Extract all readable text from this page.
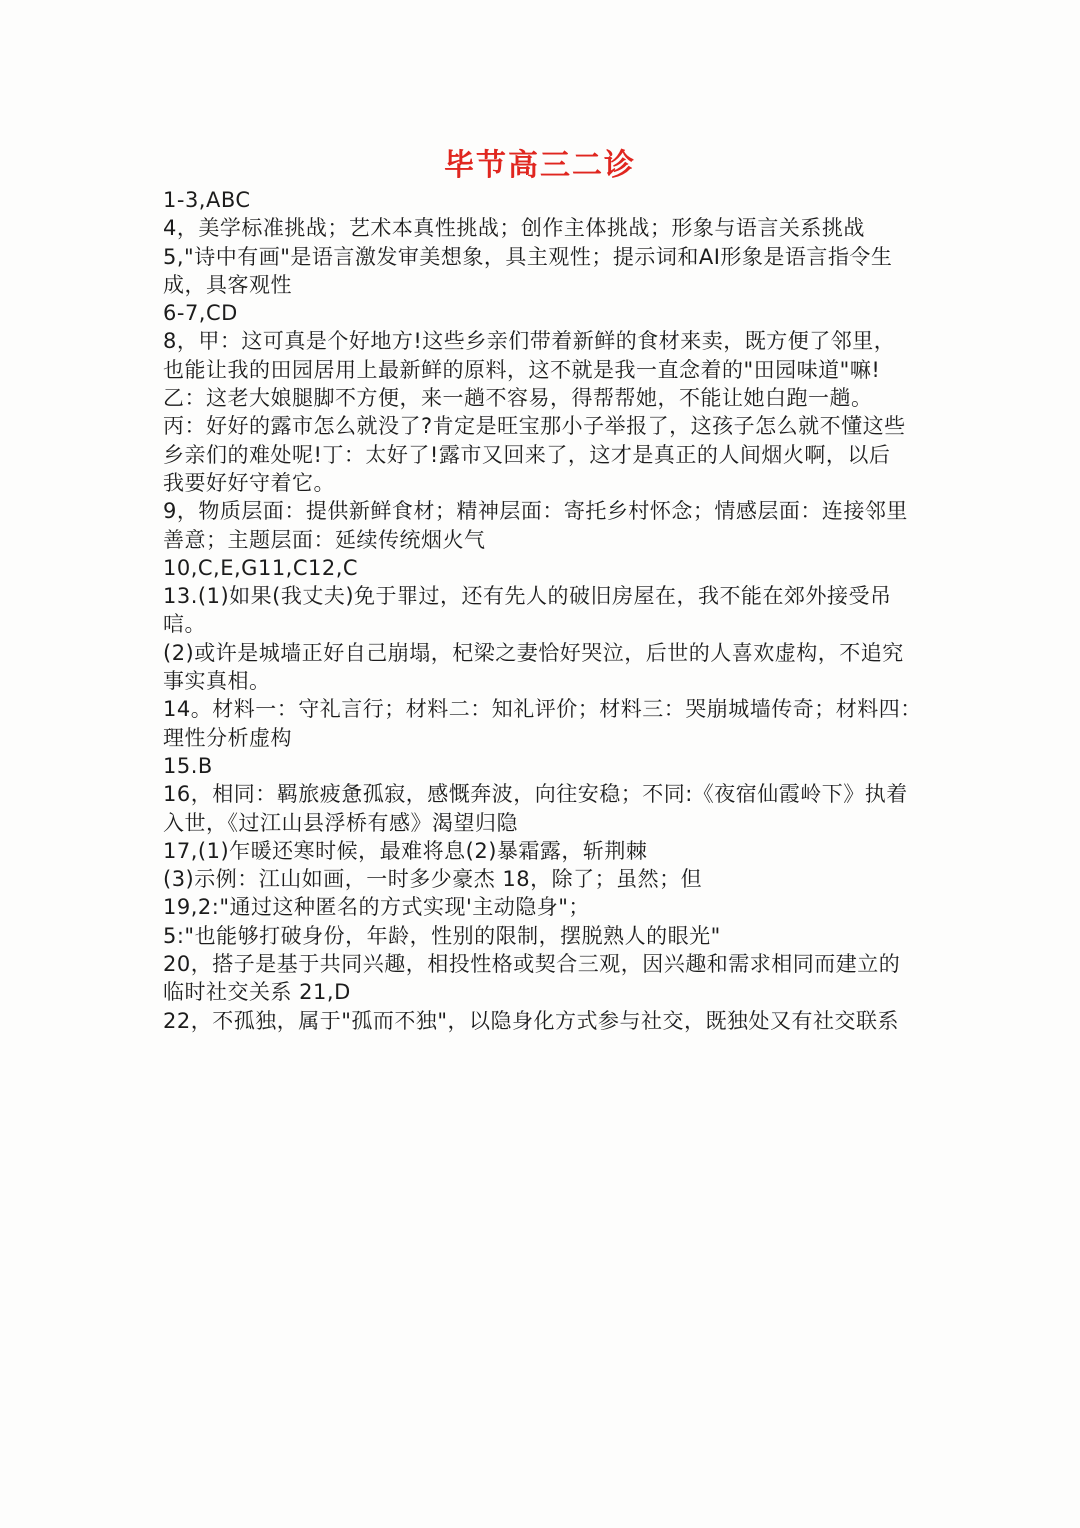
毕节高三二诊
1-3,ABC
4，美学标准挑战；艺术本真性挑战；创作主体挑战；形象与语言关系挑战
5,"诗中有画"是语言激发审美想象，具主观性；提示词和AI形象是语言指令生
成，具客观性
6-7,CD
8，甲：这可真是个好地方!这些乡亲们带着新鲜的食材来卖，既方便了邻里，
也能让我的田园居用上最新鲜的原料，这不就是我一直念着的"田园味道"嘛!
乙：这老大娘腿脚不方便，来一趟不容易，得帮帮她，不能让她白跑一趟。
丙：好好的露市怎么就没了?肯定是旺宝那小子举报了，这孩子怎么就不懂这些
乡亲们的难处呢!丁：太好了!露市又回来了，这才是真正的人间烟火啊，以后
我要好好守着它。
9，物质层面：提供新鲜食材；精神层面：寄托乡村怀念；情感层面：连接邻里
善意；主题层面：延续传统烟火气
10,C,E,G11,C12,C
13.(1)如果(我丈夫)免于罪过，还有先人的破旧房屋在，我不能在郊外接受吊
唁。
(2)或许是城墙正好自己崩塌，杞梁之妻恰好哭泣，后世的人喜欢虚构，不追究
事实真相。
14。材料一：守礼言行；材料二：知礼评价；材料三：哭崩城墙传奇；材料四：
理性分析虚构
15.B
16，相同：羁旅疲惫孤寂，感慨奔波，向往安稳；不同:《夜宿仙霞岭下》执着
入世，《过江山县浮桥有感》渴望归隐
17,(1)乍暖还寒时候，最难将息(2)暴霜露，斩荆棘
(3)示例：江山如画，一时多少豪杰 18，除了；虽然；但
19,2:"通过这种匿名的方式实现'主动隐身"；
5:"也能够打破身份，年龄，性别的限制，摆脱熟人的眼光"
20，搭子是基于共同兴趣，相投性格或契合三观，因兴趣和需求相同而建立的
临时社交关系 21,D
22，不孤独，属于"孤而不独"，以隐身化方式参与社交，既独处又有社交联系
